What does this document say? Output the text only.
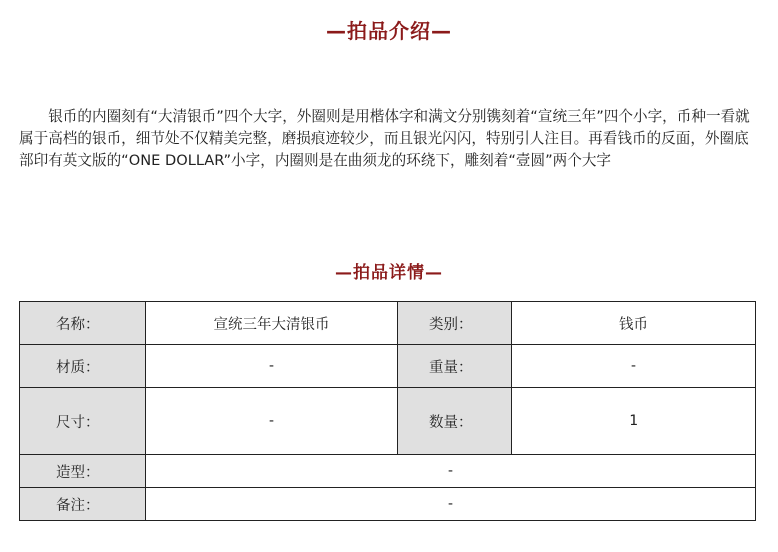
—拍品介绍—

银币的内圈刻有“大清银币”四个大字，外圈则是用楷体字和满文分别镌刻着“宣统三年”四个小字，币种一看就属于高档的银币，细节处不仅精美完整，磨损痕迹较少，而且银光闪闪，特别引人注目。再看钱币的反面，外圈底部印有英文版的“ONE DOLLAR”小字，内圈则是在曲须龙的环绕下，雕刻着“壹圆”两个大字

—拍品详情—
名称：	宣统三年大清银币	类别：	钱币
材质：	-	重量：	-
尺寸：	-	数量：	1
造型：	-		
备注：	-		
